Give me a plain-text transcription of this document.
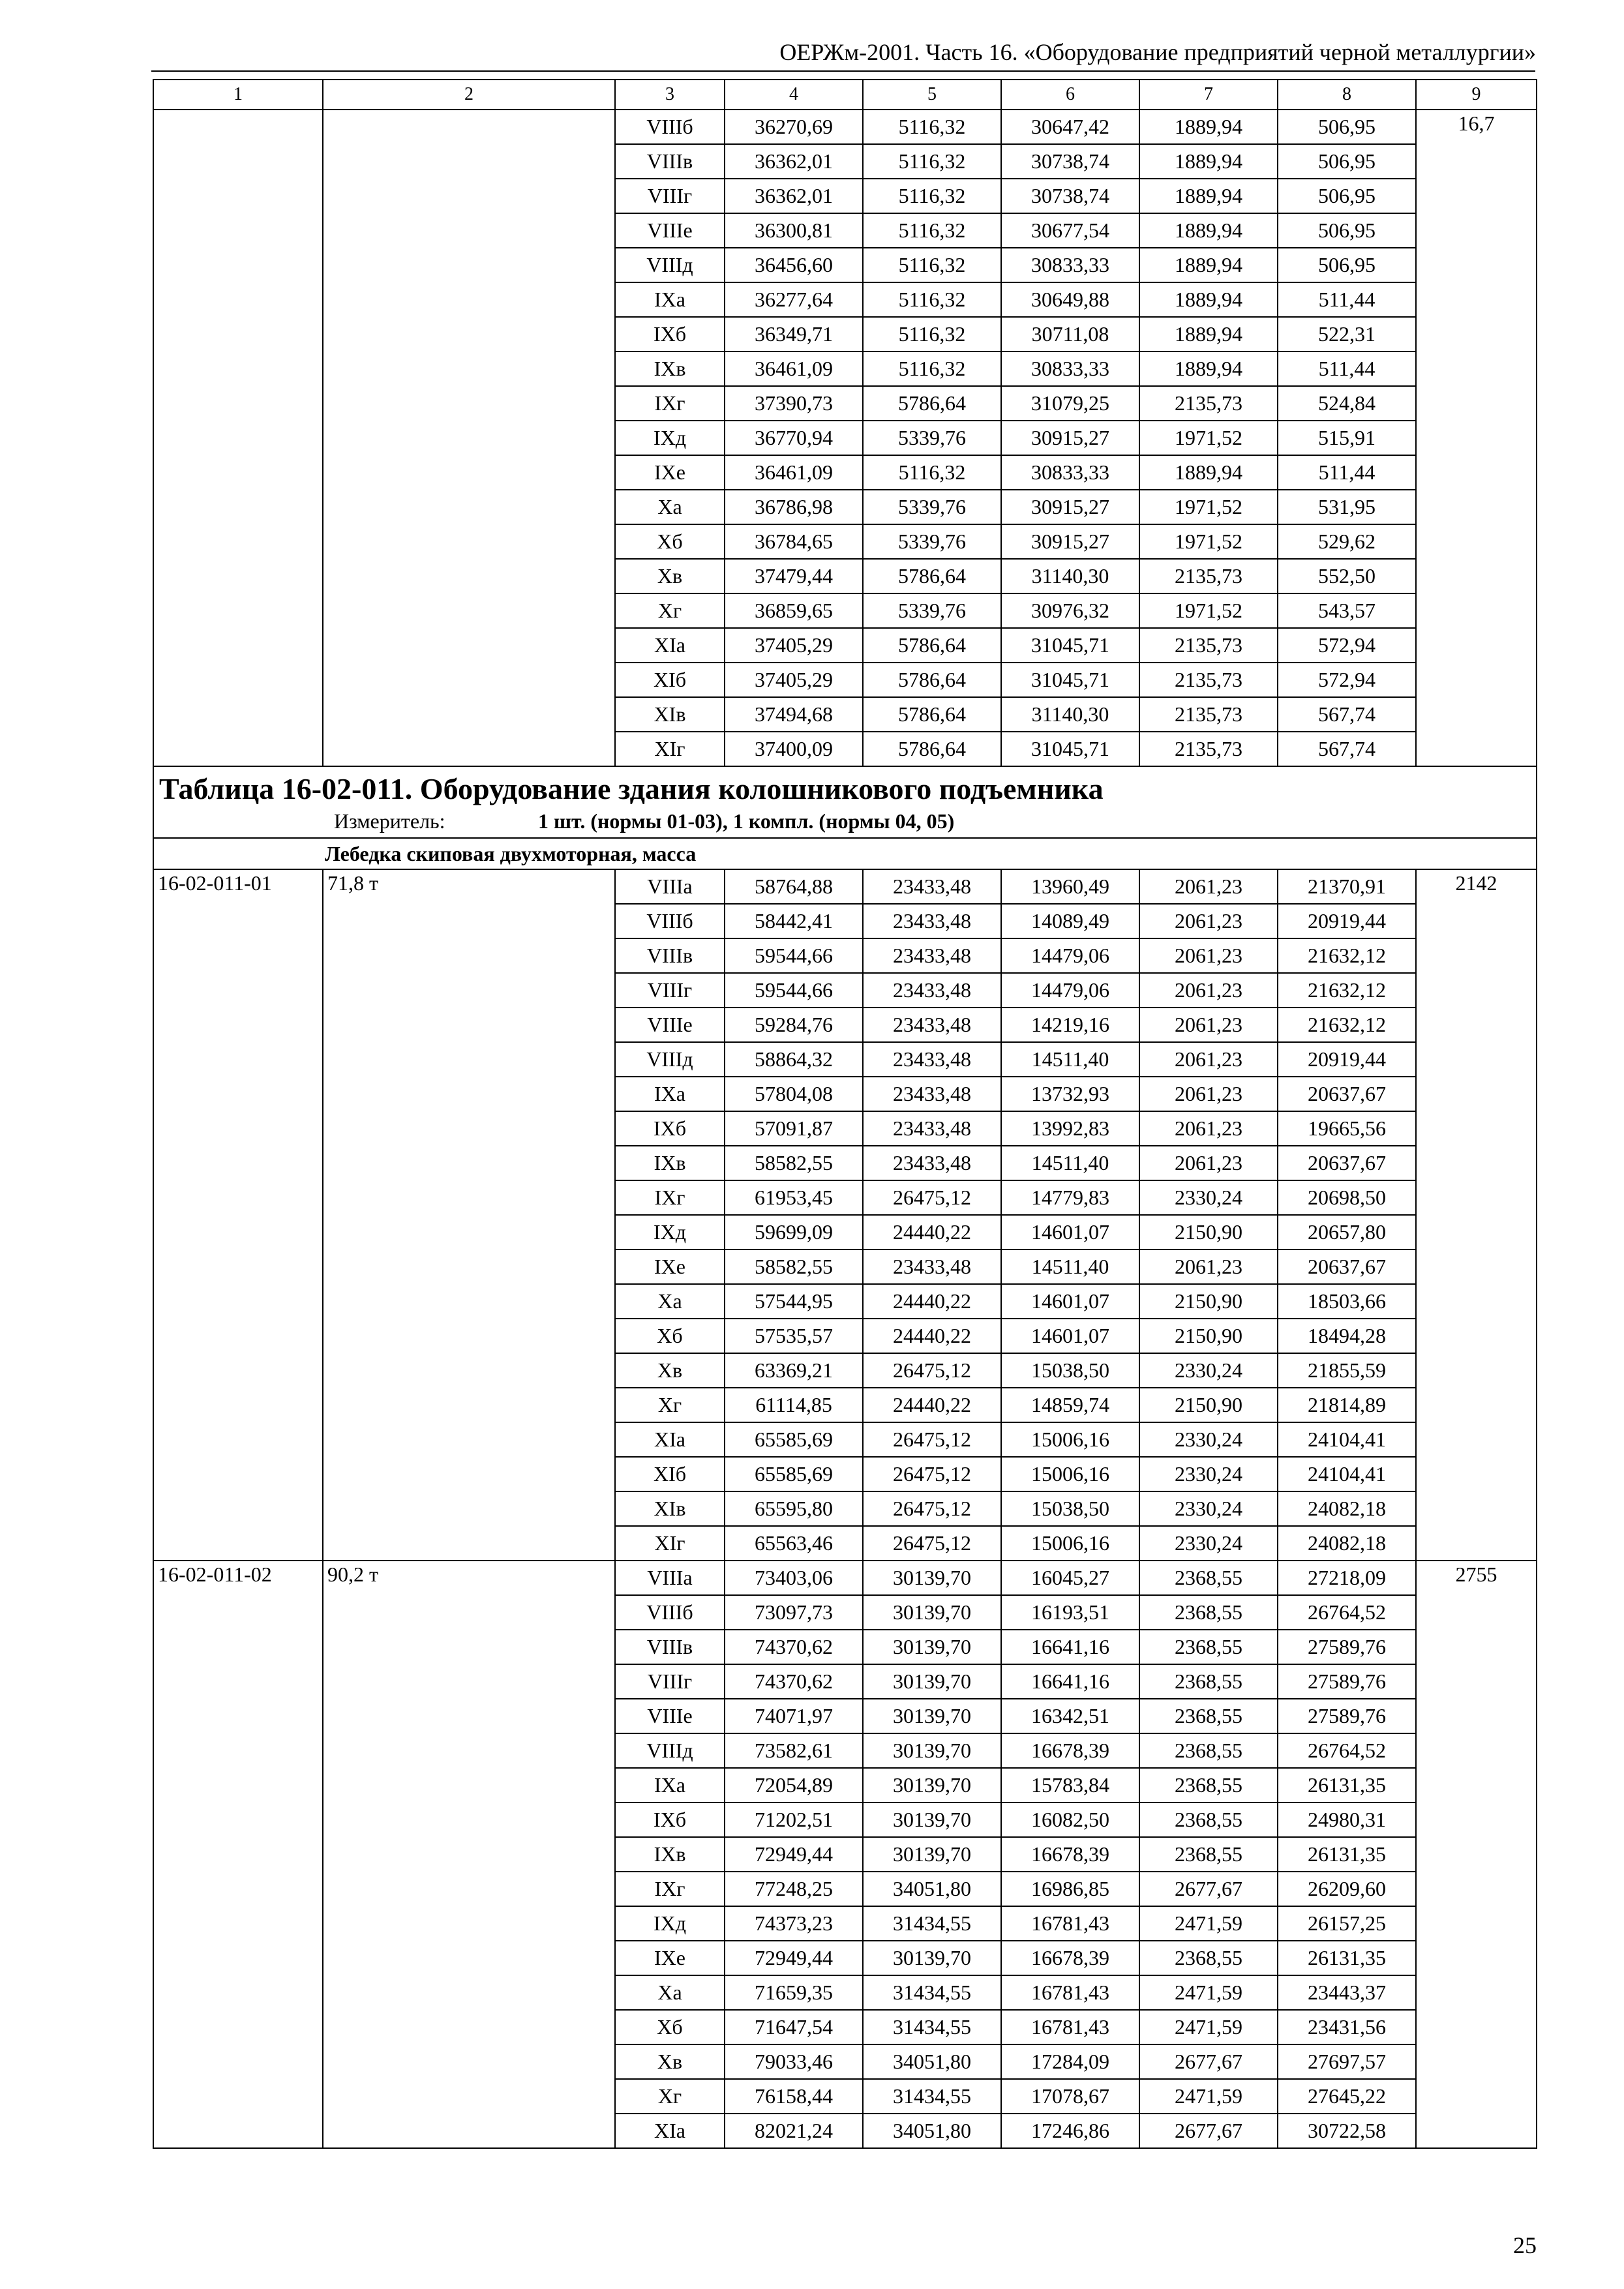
ОЕРЖм-2001. Часть 16. «Оборудование предприятий черной металлургии»
1	2	3	4	5	6	7	8	9
		VIIIб	36270,69	5116,32	30647,42	1889,94	506,95	16,7
		VIIIв	36362,01	5116,32	30738,74	1889,94	506,95	
		VIIIг	36362,01	5116,32	30738,74	1889,94	506,95	
		VIIIе	36300,81	5116,32	30677,54	1889,94	506,95	
		VIIIд	36456,60	5116,32	30833,33	1889,94	506,95	
		IXа	36277,64	5116,32	30649,88	1889,94	511,44	
		IXб	36349,71	5116,32	30711,08	1889,94	522,31	
		IXв	36461,09	5116,32	30833,33	1889,94	511,44	
		IXг	37390,73	5786,64	31079,25	2135,73	524,84	
		IXд	36770,94	5339,76	30915,27	1971,52	515,91	
		IXе	36461,09	5116,32	30833,33	1889,94	511,44	
		Xа	36786,98	5339,76	30915,27	1971,52	531,95	
		Xб	36784,65	5339,76	30915,27	1971,52	529,62	
		Xв	37479,44	5786,64	31140,30	2135,73	552,50	
		Xг	36859,65	5339,76	30976,32	1971,52	543,57	
		XIа	37405,29	5786,64	31045,71	2135,73	572,94	
		XIб	37405,29	5786,64	31045,71	2135,73	572,94	
		XIв	37494,68	5786,64	31140,30	2135,73	567,74	
		XIг	37400,09	5786,64	31045,71	2135,73	567,74	

Таблица 16-02-011. Оборудование здания колошникового подъемника
Измеритель: 1 шт. (нормы 01-03), 1 компл. (нормы 04, 05)								

Лебедка скиповая двухмоторная, масса								
16-02-011-01	71,8 т	VIIIа	58764,88	23433,48	13960,49	2061,23	21370,91	2142
		VIIIб	58442,41	23433,48	14089,49	2061,23	20919,44	
		VIIIв	59544,66	23433,48	14479,06	2061,23	21632,12	
		VIIIг	59544,66	23433,48	14479,06	2061,23	21632,12	
		VIIIе	59284,76	23433,48	14219,16	2061,23	21632,12	
		VIIIд	58864,32	23433,48	14511,40	2061,23	20919,44	
		IXа	57804,08	23433,48	13732,93	2061,23	20637,67	
		IXб	57091,87	23433,48	13992,83	2061,23	19665,56	
		IXв	58582,55	23433,48	14511,40	2061,23	20637,67	
		IXг	61953,45	26475,12	14779,83	2330,24	20698,50	
		IXд	59699,09	24440,22	14601,07	2150,90	20657,80	
		IXе	58582,55	23433,48	14511,40	2061,23	20637,67	
		Xа	57544,95	24440,22	14601,07	2150,90	18503,66	
		Xб	57535,57	24440,22	14601,07	2150,90	18494,28	
		Xв	63369,21	26475,12	15038,50	2330,24	21855,59	
		Xг	61114,85	24440,22	14859,74	2150,90	21814,89	
		XIа	65585,69	26475,12	15006,16	2330,24	24104,41	
		XIб	65585,69	26475,12	15006,16	2330,24	24104,41	
		XIв	65595,80	26475,12	15038,50	2330,24	24082,18	
		XIг	65563,46	26475,12	15006,16	2330,24	24082,18	
16-02-011-02	90,2 т	VIIIа	73403,06	30139,70	16045,27	2368,55	27218,09	2755
		VIIIб	73097,73	30139,70	16193,51	2368,55	26764,52	
		VIIIв	74370,62	30139,70	16641,16	2368,55	27589,76	
		VIIIг	74370,62	30139,70	16641,16	2368,55	27589,76	
		VIIIе	74071,97	30139,70	16342,51	2368,55	27589,76	
		VIIIд	73582,61	30139,70	16678,39	2368,55	26764,52	
		IXа	72054,89	30139,70	15783,84	2368,55	26131,35	
		IXб	71202,51	30139,70	16082,50	2368,55	24980,31	
		IXв	72949,44	30139,70	16678,39	2368,55	26131,35	
		IXг	77248,25	34051,80	16986,85	2677,67	26209,60	
		IXд	74373,23	31434,55	16781,43	2471,59	26157,25	
		IXе	72949,44	30139,70	16678,39	2368,55	26131,35	
		Xа	71659,35	31434,55	16781,43	2471,59	23443,37	
		Xб	71647,54	31434,55	16781,43	2471,59	23431,56	
		Xв	79033,46	34051,80	17284,09	2677,67	27697,57	
		Xг	76158,44	31434,55	17078,67	2471,59	27645,22	
		XIа	82021,24	34051,80	17246,86	2677,67	30722,58	
25
